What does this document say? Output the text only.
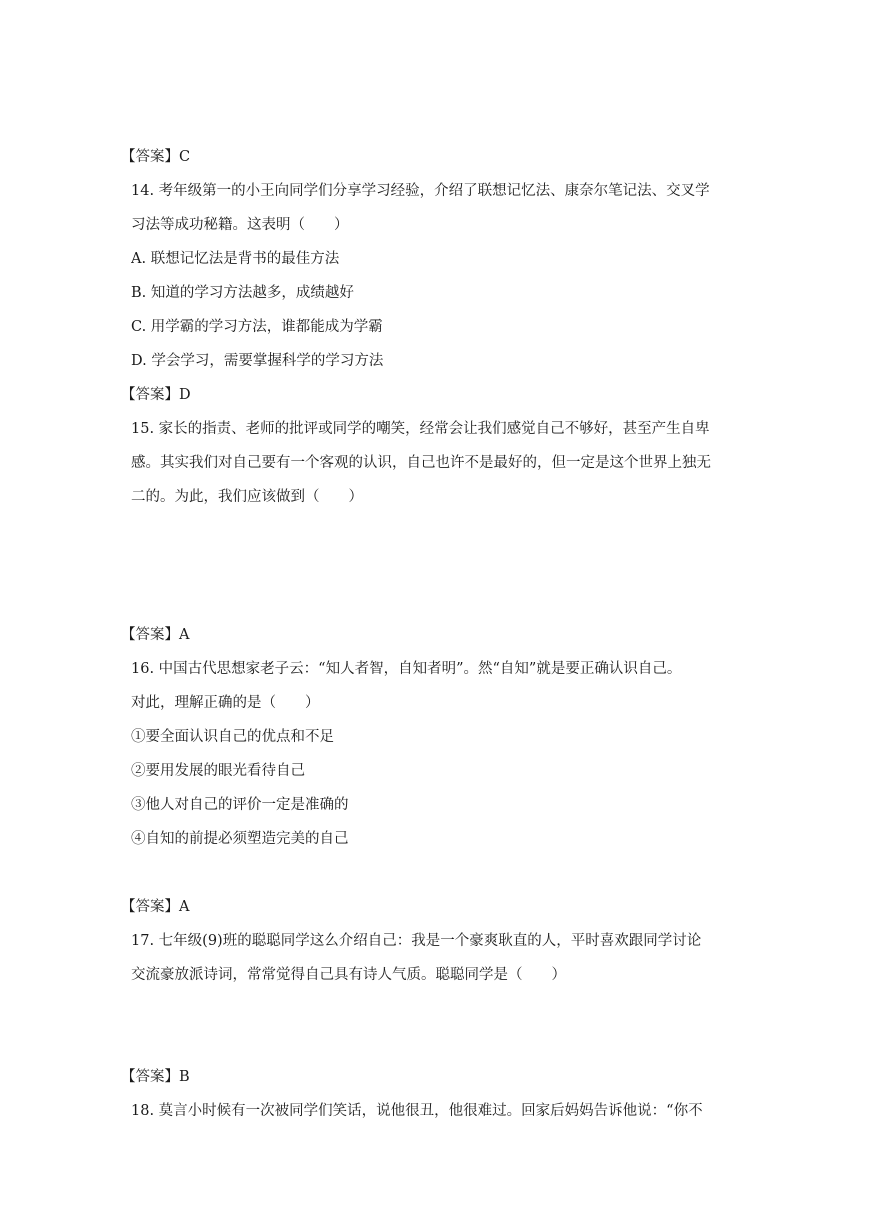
【答案】C
14. 考年级第一的小王向同学们分享学习经验，介绍了联想记忆法、康奈尔笔记法、交叉学
习法等成功秘籍。这表明（　　）
A. 联想记忆法是背书的最佳方法
B. 知道的学习方法越多，成绩越好
C. 用学霸的学习方法，谁都能成为学霸
D. 学会学习，需要掌握科学的学习方法
【答案】D
15. 家长的指责、老师的批评或同学的嘲笑，经常会让我们感觉自己不够好，甚至产生自卑
感。其实我们对自己要有一个客观的认识，自己也许不是最好的，但一定是这个世界上独无
二的。为此，我们应该做到（　　）
【答案】A
16. 中国古代思想家老子云：“知人者智，自知者明”。然“自知”就是要正确认识自己。
对此，理解正确的是（　　）
①要全面认识自己的优点和不足
②要用发展的眼光看待自己
③他人对自己的评价一定是准确的
④自知的前提必须塑造完美的自己
【答案】A
17. 七年级(9)班的聪聪同学这么介绍自己：我是一个豪爽耿直的人，平时喜欢跟同学讨论
交流豪放派诗词，常常觉得自己具有诗人气质。聪聪同学是（　　）
【答案】B
18. 莫言小时候有一次被同学们笑话，说他很丑，他很难过。回家后妈妈告诉他说：“你不
